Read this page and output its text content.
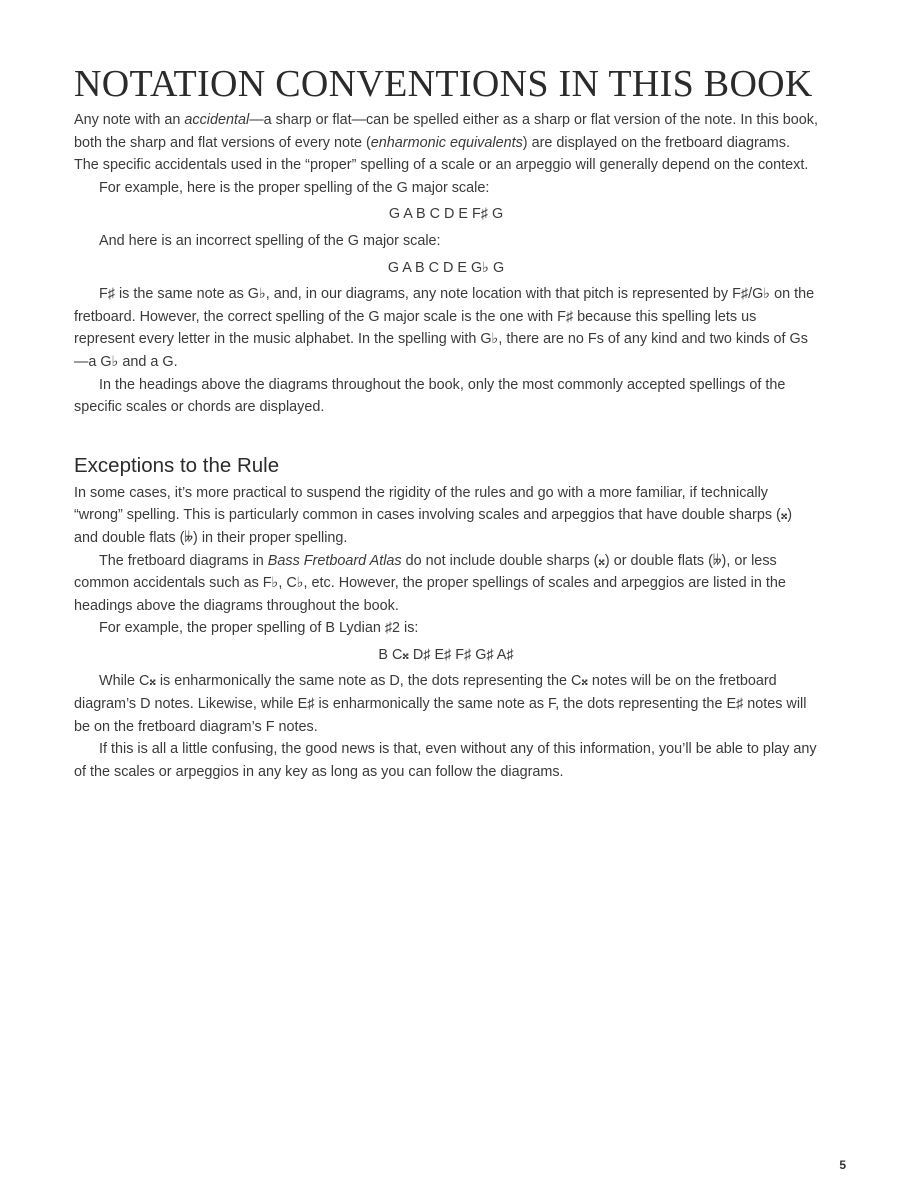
NOTATION CONVENTIONS IN THIS BOOK

Any note with an accidental—a sharp or flat—can be spelled either as a sharp or flat version of the note. In this book, both the sharp and flat versions of every note (enharmonic equivalents) are displayed on the fretboard diagrams. The specific accidentals used in the “proper” spelling of a scale or an arpeggio will generally depend on the context.

For example, here is the proper spelling of the G major scale:

G A B C D E F♯ G

And here is an incorrect spelling of the G major scale:

G A B C D E G♭ G

F♯ is the same note as G♭, and, in our diagrams, any note location with that pitch is represented by F♯/G♭ on the fretboard. However, the correct spelling of the G major scale is the one with F♯ because this spelling lets us represent every letter in the music alphabet. In the spelling with G♭, there are no Fs of any kind and two kinds of Gs—a G♭ and a G.

In the headings above the diagrams throughout the book, only the most commonly accepted spellings of the specific scales or chords are displayed.

Exceptions to the Rule

In some cases, it’s more practical to suspend the rigidity of the rules and go with a more familiar, if technically “wrong” spelling. This is particularly common in cases involving scales and arpeggios that have double sharps (𝄪) and double flats (𝄫) in their proper spelling.

The fretboard diagrams in Bass Fretboard Atlas do not include double sharps (𝄪) or double flats (𝄫), or less common accidentals such as F♭, C♭, etc. However, the proper spellings of scales and arpeggios are listed in the headings above the diagrams throughout the book.

For example, the proper spelling of B Lydian ♯2 is:

B C𝄪 D♯ E♯ F♯ G♯ A♯

While C𝄪 is enharmonically the same note as D, the dots representing the C𝄪 notes will be on the fretboard diagram’s D notes. Likewise, while E♯ is enharmonically the same note as F, the dots representing the E♯ notes will be on the fretboard diagram’s F notes.

If this is all a little confusing, the good news is that, even without any of this information, you’ll be able to play any of the scales or arpeggios in any key as long as you can follow the diagrams.

5
